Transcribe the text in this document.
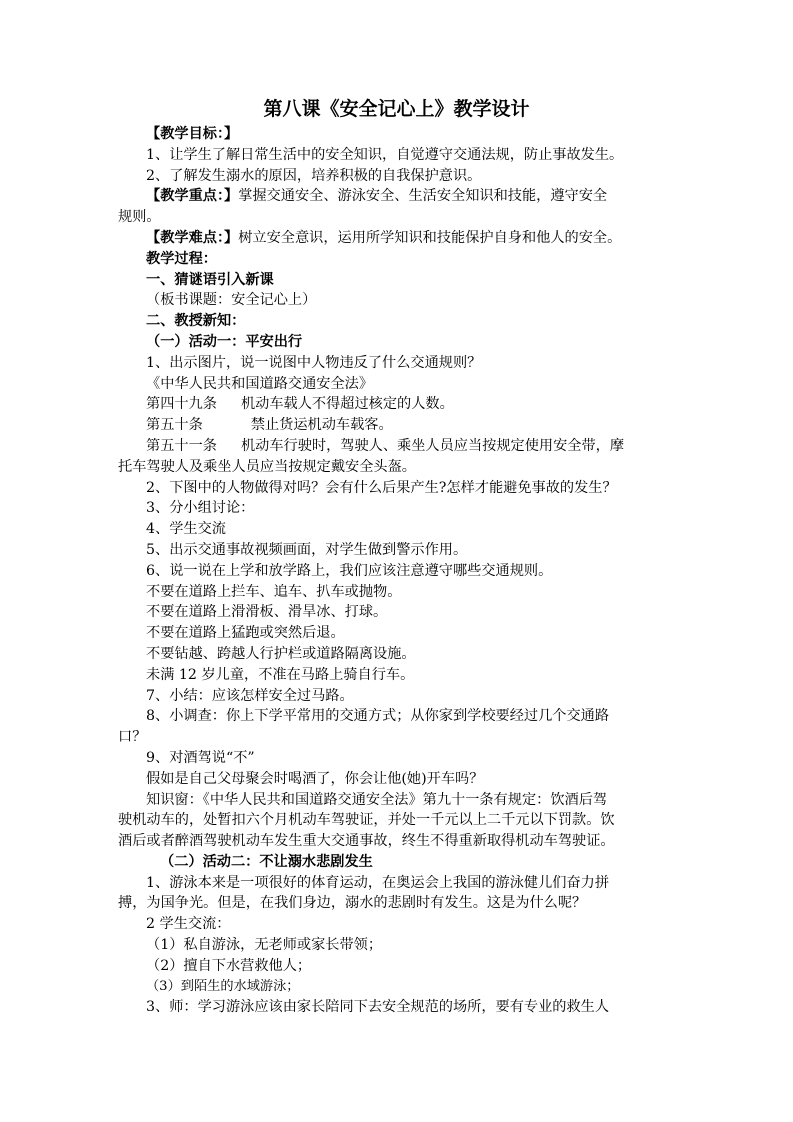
第八课《安全记心上》教学设计
【教学目标：】
1、让学生了解日常生活中的安全知识，自觉遵守交通法规，防止事故发生。
2、了解发生溺水的原因，培养积极的自我保护意识。
【教学重点：】掌握交通安全、游泳安全、生活安全知识和技能，遵守安全
规则。
【教学难点：】树立安全意识，运用所学知识和技能保护自身和他人的安全。
教学过程：
一、猜谜语引入新课
（板书课题：安全记心上）
二、教授新知：
（一）活动一：平安出行
1、出示图片，说一说图中人物违反了什么交通规则？
《中华人民共和国道路交通安全法》
第四十九条 机动车载人不得超过核定的人数。
第五十条	禁止货运机动车载客。
第五十一条 机动车行驶时，驾驶人、乘坐人员应当按规定使用安全带，摩
托车驾驶人及乘坐人员应当按规定戴安全头盔。
2、下图中的人物做得对吗？会有什么后果产生?怎样才能避免事故的发生？
3、分小组讨论：
4、学生交流
5、出示交通事故视频画面，对学生做到警示作用。
6、说一说在上学和放学路上，我们应该注意遵守哪些交通规则。
不要在道路上拦车、追车、扒车或抛物。
不要在道路上滑滑板、滑旱冰、打球。
不要在道路上猛跑或突然后退。
不要钻越、跨越人行护栏或道路隔离设施。
未满 12 岁儿童，不准在马路上骑自行车。
7、小结：应该怎样安全过马路。
8、小调查：你上下学平常用的交通方式；从你家到学校要经过几个交通路
口？
9、对酒驾说“不”
假如是自己父母聚会时喝酒了，你会让他(她)开车吗？
知识窗：《中华人民共和国道路交通安全法》第九十一条有规定：饮酒后驾
驶机动车的，处暂扣六个月机动车驾驶证，并处一千元以上二千元以下罚款。饮
酒后或者醉酒驾驶机动车发生重大交通事故，终生不得重新取得机动车驾驶证。
（二）活动二：不让溺水悲剧发生
1、游泳本来是一项很好的体育运动，在奥运会上我国的游泳健儿们奋力拼
搏，为国争光。但是，在我们身边，溺水的悲剧时有发生。这是为什么呢？
2 学生交流：
（1）私自游泳，无老师或家长带领；
（2）擅自下水营救他人；
（3）到陌生的水域游泳；
3、师：学习游泳应该由家长陪同下去安全规范的场所，要有专业的救生人
